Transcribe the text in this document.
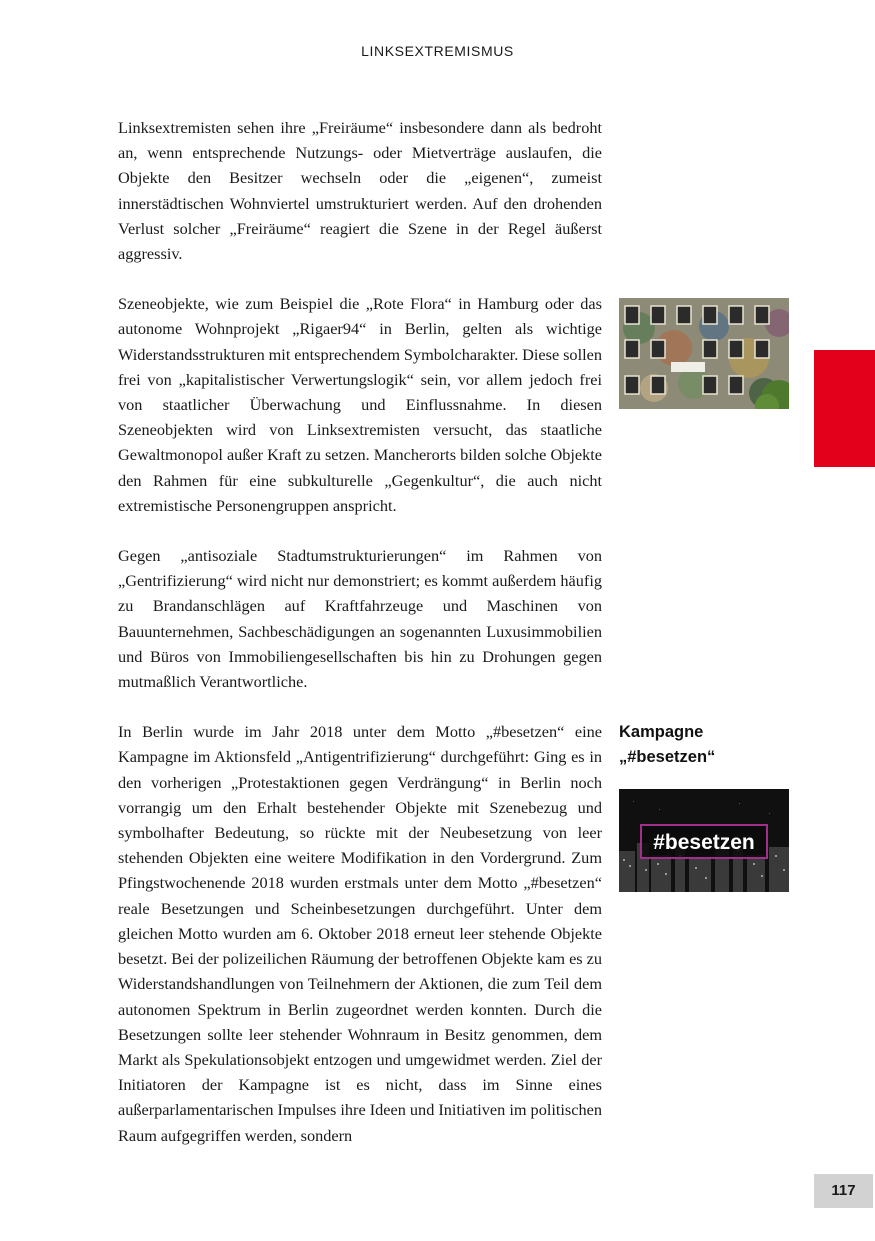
LINKSEXTREMISMUS

Linksextremisten sehen ihre „Freiräume“ insbesondere dann als bedroht an, wenn entsprechende Nutzungs- oder Mietverträge auslaufen, die Objekte den Besitzer wechseln oder die „eigenen“, zumeist innerstädtischen Wohnviertel umstrukturiert werden. Auf den drohenden Verlust solcher „Freiräume“ reagiert die Szene in der Regel äußerst aggressiv.

Szeneobjekte, wie zum Beispiel die „Rote Flora“ in Hamburg oder das autonome Wohnprojekt „Rigaer94“ in Berlin, gelten als wichtige Widerstandsstrukturen mit entsprechendem Symbolcharakter. Diese sollen frei von „kapitalistischer Verwertungslogik“ sein, vor allem jedoch frei von staatlicher Überwachung und Einflussnahme. In diesen Szeneobjekten wird von Linksextremisten versucht, das staatliche Gewaltmonopol außer Kraft zu setzen. Mancherorts bilden solche Objekte den Rahmen für eine subkulturelle „Gegenkultur“, die auch nicht extremistische Personengruppen anspricht.

Gegen „antisoziale Stadtumstrukturierungen“ im Rahmen von „Gentrifizierung“ wird nicht nur demonstriert; es kommt außerdem häufig zu Brandanschlägen auf Kraftfahrzeuge und Maschinen von Bauunternehmen, Sachbeschädigungen an sogenannten Luxusimmobilien und Büros von Immobiliengesellschaften bis hin zu Drohungen gegen mutmaßlich Verantwortliche.

In Berlin wurde im Jahr 2018 unter dem Motto „#besetzen“ eine Kampagne im Aktionsfeld „Antigentrifizierung“ durchgeführt: Ging es in den vorherigen „Protestaktionen gegen Verdrängung“ in Berlin noch vorrangig um den Erhalt bestehender Objekte mit Szenebezug und symbolhafter Bedeutung, so rückte mit der Neubesetzung von leer stehenden Objekten eine weitere Modifikation in den Vordergrund. Zum Pfingstwochenende 2018 wurden erstmals unter dem Motto „#besetzen“ reale Besetzungen und Scheinbesetzungen durchgeführt. Unter dem gleichen Motto wurden am 6. Oktober 2018 erneut leer stehende Objekte besetzt. Bei der polizeilichen Räumung der betroffenen Objekte kam es zu Widerstandshandlungen von Teilnehmern der Aktionen, die zum Teil dem autonomen Spektrum in Berlin zugeordnet werden konnten. Durch die Besetzungen sollte leer stehender Wohnraum in Besitz genommen, dem Markt als Spekulationsobjekt entzogen und umgewidmet werden. Ziel der Initiatoren der Kampagne ist es nicht, dass im Sinne eines außerparlamentarischen Impulses ihre Ideen und Initiativen im politischen Raum aufgegriffen werden, sondern

Kampagne
„#besetzen“
#besetzen
117
